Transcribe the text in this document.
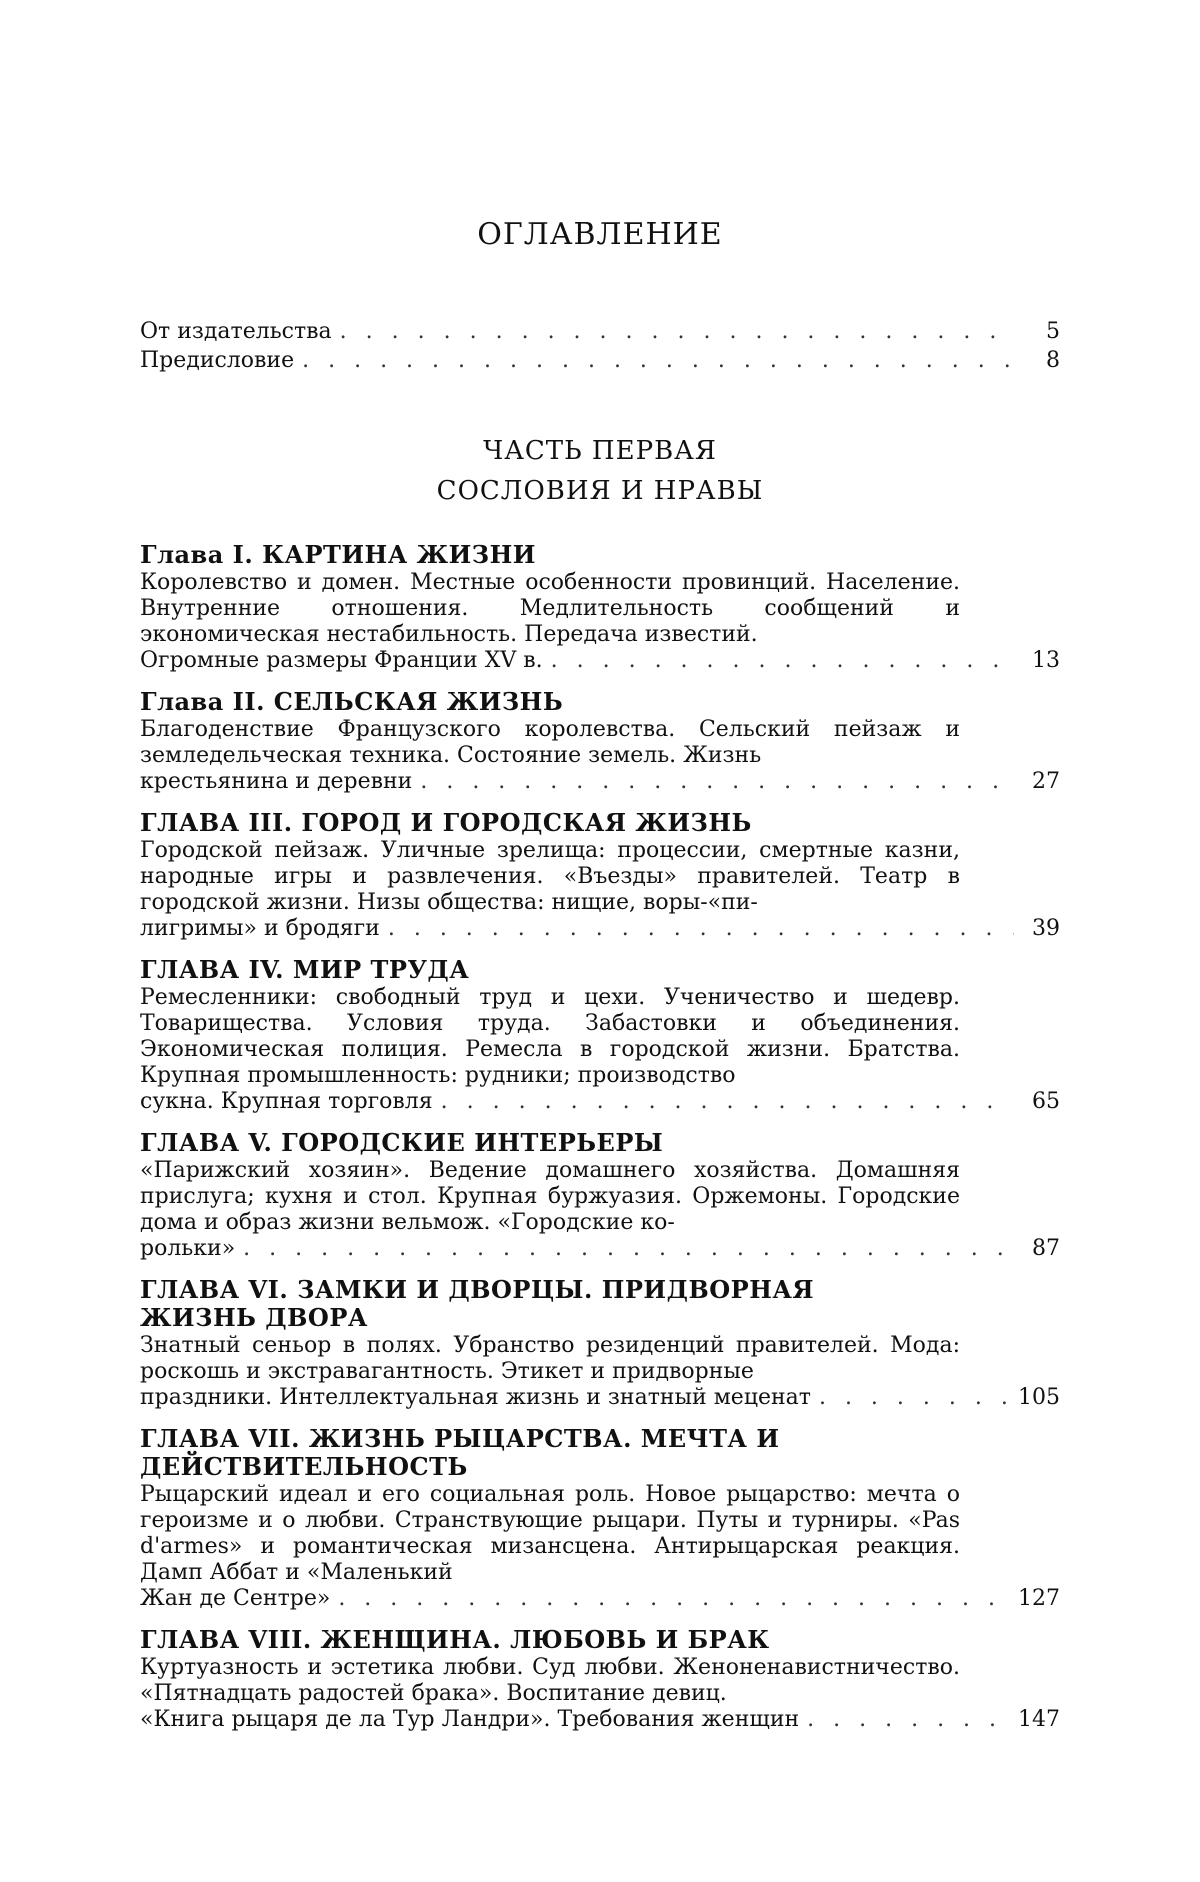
ОГЛАВЛЕНИЕ
От издательства
. . .	5
Предисловие
. . .	8
ЧАСТЬ ПЕРВАЯ
СОСЛОВИЯ И НРАВЫ
Глава I. КАРТИНА ЖИЗНИ

Королевство и домен. Местные особенности провинций. Население. Внутренние отношения. Медлительность сообщений и экономическая нестабильность. Передача известий.

Огромные размеры Франции XV в.
. . .	13
Глава II. СЕЛЬСКАЯ ЖИЗНЬ

Благоденствие Французского королевства. Сельский пейзаж и земледельческая техника. Состояние земель. Жизнь

крестьянина и деревни
. . .	27
ГЛАВА III. ГОРОД И ГОРОДСКАЯ ЖИЗНЬ

Городской пейзаж. Уличные зрелища: процессии, смертные казни, народные игры и развлечения. «Въезды» правителей. Театр в городской жизни. Низы общества: нищие, воры-«пи-

лигримы» и бродяги
. . .	39
ГЛАВА IV. МИР ТРУДА

Ремесленники: свободный труд и цехи. Ученичество и шедевр. Товарищества. Условия труда. Забастовки и объединения. Экономическая полиция. Ремесла в городской жизни. Братства. Крупная промышленность: рудники; производство

сукна. Крупная торговля
. . .	65
ГЛАВА V. ГОРОДСКИЕ ИНТЕРЬЕРЫ

«Парижский хозяин». Ведение домашнего хозяйства. Домашняя прислуга; кухня и стол. Крупная буржуазия. Оржемоны. Городские дома и образ жизни вельмож. «Городские ко-

рольки»
. . .	87
ГЛАВА VI. ЗАМКИ И ДВОРЦЫ. ПРИДВОРНАЯ ЖИЗНЬ ДВОРА

Знатный сеньор в полях. Убранство резиденций правителей. Мода: роскошь и экстравагантность. Этикет и придворные

праздники. Интеллектуальная жизнь и знатный меценат
. . .	105
ГЛАВА VII. ЖИЗНЬ РЫЦАРСТВА. МЕЧТА И ДЕЙСТВИТЕЛЬНОСТЬ

Рыцарский идеал и его социальная роль. Новое рыцарство: мечта о героизме и о любви. Странствующие рыцари. Путы и турниры. «Pas d'armes» и романтическая мизансцена. Антирыцарская реакция. Дамп Аббат и «Маленький

Жан де Сентре»
. . .	127
ГЛАВА VIII. ЖЕНЩИНА. ЛЮБОВЬ И БРАК

Куртуазность и эстетика любви. Суд любви. Женоненавистничество. «Пятнадцать радостей брака». Воспитание девиц.

«Книга рыцаря де ла Тур Ландри». Требования женщин
. . .	147
